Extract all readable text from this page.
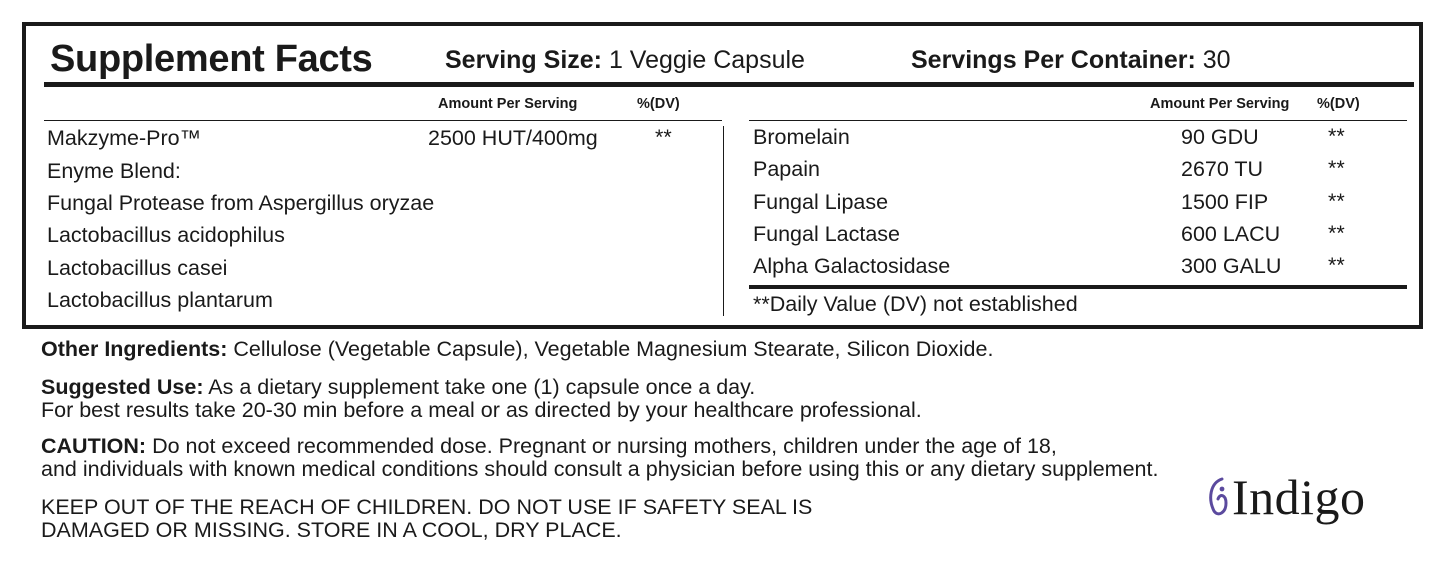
Supplement Facts	Serving Size: 1 Veggie Capsule	Servings Per Container: 30
Amount Per Serving	%(DV)	Amount Per Serving %(DV)
Makzyme-Pro™	2500 HUT/400mg	**
Enyme Blend:
Fungal Protease from Aspergillus oryzae
Lactobacillus acidophilus
Lactobacillus casei
Lactobacillus plantarum
Bromelain	90 GDU	**
Papain	2670 TU	**
Fungal Lipase	1500 FIP	**
Fungal Lactase	600 LACU **
Alpha Galactosidase	300 GALU **
**Daily Value (DV) not established
Other Ingredients: Cellulose (Vegetable Capsule), Vegetable Magnesium Stearate, Silicon Dioxide.
Suggested Use: As a dietary supplement take one (1) capsule once a day.
For best results take 20-30 min before a meal or as directed by your healthcare professional.
CAUTION: Do not exceed recommended dose. Pregnant or nursing mothers, children under the age of 18,
and individuals with known medical conditions should consult a physician before using this or any dietary supplement.
KEEP OUT OF THE REACH OF CHILDREN. DO NOT USE IF SAFETY SEAL IS
DAMAGED OR MISSING. STORE IN A COOL, DRY PLACE.
Indigo
